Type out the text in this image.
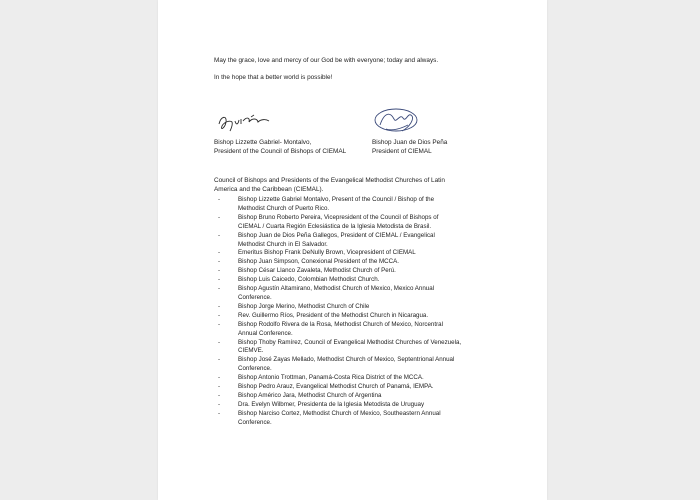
May the grace, love and mercy of our God be with everyone; today and always.
In the hope that a better world is possible!
Bishop Lizzette Gabriel- Montalvo,
President of the Council of Bishops of CIEMAL
Bishop Juan de Dios Peña
President of CIEMAL
Council of Bishops and Presidents of the Evangelical Methodist Churches of Latin
America and the Caribbean (CIEMAL).
-	Bishop Lizzette Gabriel Montalvo, Present of the Council / Bishop of the
Methodist Church of Puerto Rico.
-	Bishop Bruno Roberto Pereira, Vicepresident of the Council of Bishops of
CIEMAL / Cuarta Región Eclesiástica de la Iglesia Metodista de Brasil.
-	Bishop Juan de Dios Peña Gallegos, President of CIEMAL / Evangelical
Methodist Church in El Salvador.
-	Emeritus Bishop Frank DeNully Brown, Vicepresident of CIEMAL
-	Bishop Juan Simpson, Conexional President of the MCCA.
-	Bishop César Llanco Zavaleta, Methodist Church of Perú.
-	Bishop Luis Caicedo, Colombian Methodist Church.
-	Bishop Agustín Altamirano, Methodist Church of Mexico, Mexico Annual
Conference.
-	Bishop Jorge Merino, Methodist Church of Chile
-	Rev. Guillermo Ríos, President of the Methodist Church in Nicaragua.
-	Bishop Rodolfo Rivera de la Rosa, Methodist Church of Mexico, Norcentral
Annual Conference.
-	Bishop Thoby Ramírez, Council of Evangelical Methodist Churches of Venezuela,
CIEMVE.
-	Bishop José Zayas Mellado, Methodist Church of Mexico, Septentrional Annual
Conference.
-	Bishop Antonio Trottman, Panamá-Costa Rica District of the MCCA.
-	Bishop Pedro Arauz, Evangelical Methodist Church of Panamá, IEMPA.
-	Bishop Américo Jara, Methodist Church of Argentina
-	Dra. Evelyn Wilbmer, Presidenta de la Iglesia Metodista de Uruguay
-	Bishop Narciso Cortez, Methodist Church of Mexico, Southeastern Annual
Conference.
